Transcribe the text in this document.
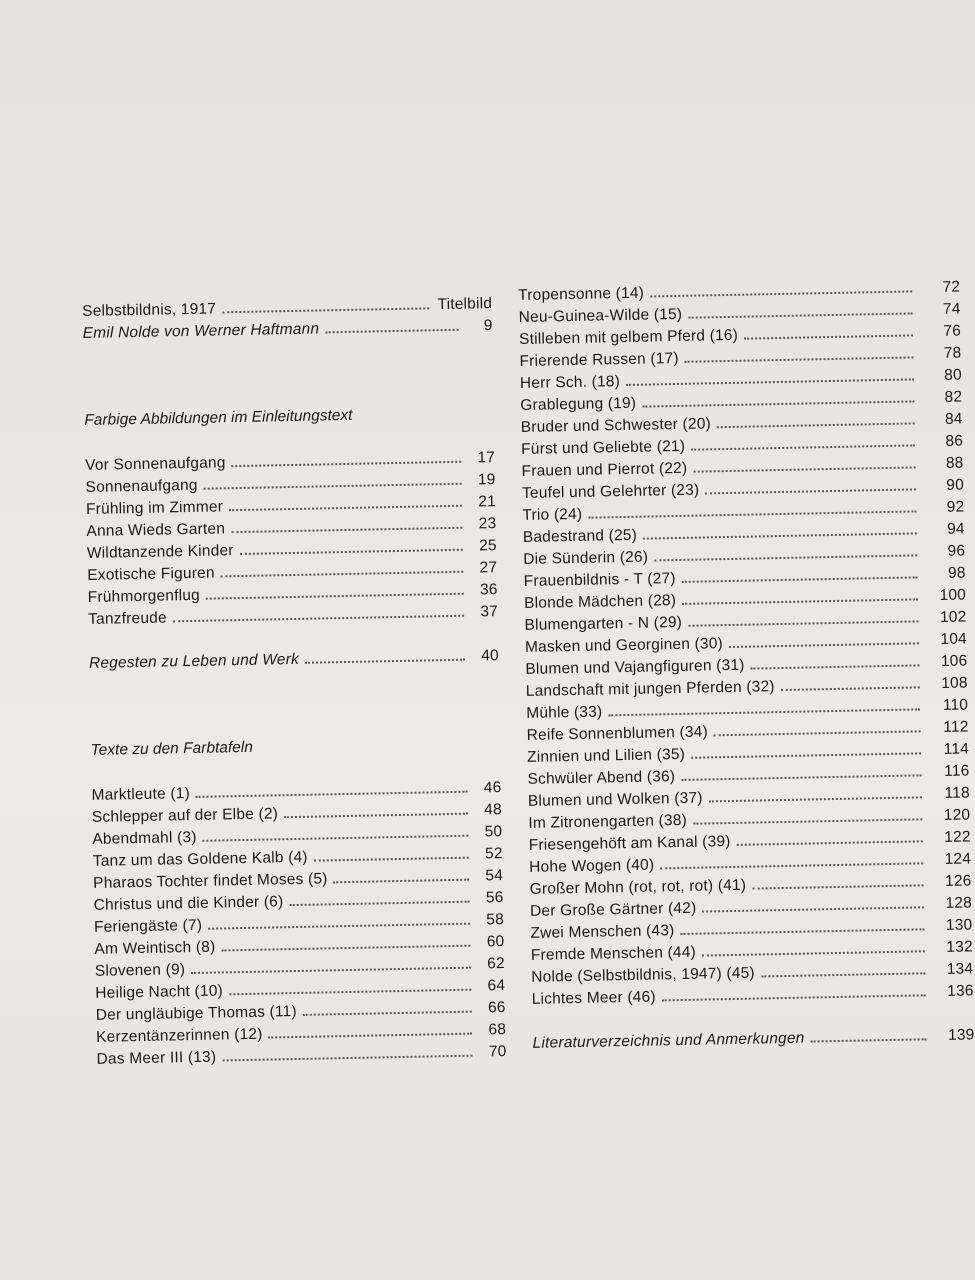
Selbstbildnis, 1917	Titelbild
Emil Nolde von Werner Haftmann	9
Farbige Abbildungen im Einleitungstext
Vor Sonnenaufgang	17
Sonnenaufgang	19
Frühling im Zimmer	21
Anna Wieds Garten	23
Wildtanzende Kinder	25
Exotische Figuren	27
Frühmorgenflug	36
Tanzfreude	37
Regesten zu Leben und Werk	40
Texte zu den Farbtafeln
Marktleute (1)	46
Schlepper auf der Elbe (2)	48
Abendmahl (3)	50
Tanz um das Goldene Kalb (4)	52
Pharaos Tochter findet Moses (5)	54
Christus und die Kinder (6)	56
Feriengäste (7)	58
Am Weintisch (8)	60
Slovenen (9)	62
Heilige Nacht (10)	64
Der ungläubige Thomas (11)	66
Kerzentänzerinnen (12)	68
Das Meer III (13)	70
Tropensonne (14)	72
Neu-Guinea-Wilde (15)	74
Stilleben mit gelbem Pferd (16)	76
Frierende Russen (17)	78
Herr Sch. (18)	80
Grablegung (19)	82
Bruder und Schwester (20)	84
Fürst und Geliebte (21)	86
Frauen und Pierrot (22)	88
Teufel und Gelehrter (23)	90
Trio (24)	92
Badestrand (25)	94
Die Sünderin (26)	96
Frauenbildnis - T (27)	98
Blonde Mädchen (28)	100
Blumengarten - N (29)	102
Masken und Georginen (30)	104
Blumen und Vajangfiguren (31)	106
Landschaft mit jungen Pferden (32)	108
Mühle (33)	110
Reife Sonnenblumen (34)	112
Zinnien und Lilien (35)	114
Schwüler Abend (36)	116
Blumen und Wolken (37)	118
Im Zitronengarten (38)	120
Friesengehöft am Kanal (39)	122
Hohe Wogen (40)	124
Großer Mohn (rot, rot, rot) (41)	126
Der Große Gärtner (42)	128
Zwei Menschen (43)	130
Fremde Menschen (44)	132
Nolde (Selbstbildnis, 1947) (45)	134
Lichtes Meer (46)	136
Literaturverzeichnis und Anmerkungen	139
